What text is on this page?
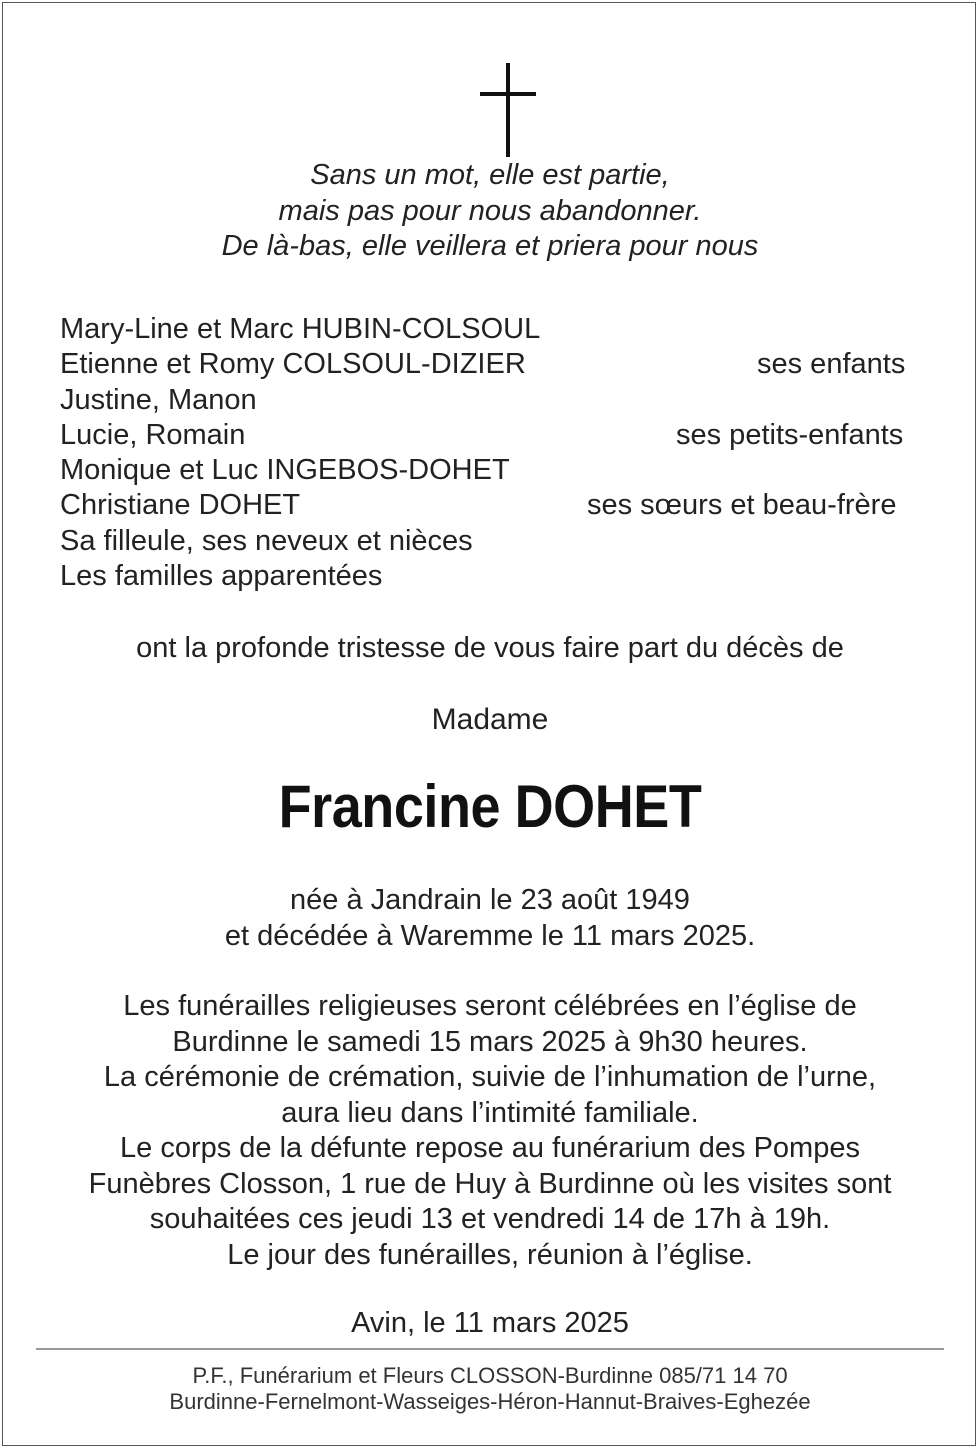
Sans un mot, elle est partie,
mais pas pour nous abandonner.
De là-bas, elle veillera et priera pour nous
Mary-Line et Marc HUBIN-COLSOUL
Etienne et Romy COLSOUL-DIZIER	ses enfants
Justine, Manon
Lucie, Romain	ses petits-enfants
Monique et Luc INGEBOS-DOHET
Christiane DOHET	ses sœurs et beau-frère
Sa filleule, ses neveux et nièces
Les familles apparentées
ont la profonde tristesse de vous faire part du décès de
Madame
Francine DOHET
née à Jandrain le 23 août 1949
et décédée à Waremme le 11 mars 2025.
Les funérailles religieuses seront célébrées en l’église de
Burdinne le samedi 15 mars 2025 à 9h30 heures.
La cérémonie de crémation, suivie de l’inhumation de l’urne,
aura lieu dans l’intimité familiale.
Le corps de la défunte repose au funérarium des Pompes
Funèbres Closson, 1 rue de Huy à Burdinne où les visites sont
souhaitées ces jeudi 13 et vendredi 14 de 17h à 19h.
Le jour des funérailles, réunion à l’église.
Avin, le 11 mars 2025
P.F., Funérarium et Fleurs CLOSSON-Burdinne 085/71 14 70
Burdinne-Fernelmont-Wasseiges-Héron-Hannut-Braives-Eghezée
